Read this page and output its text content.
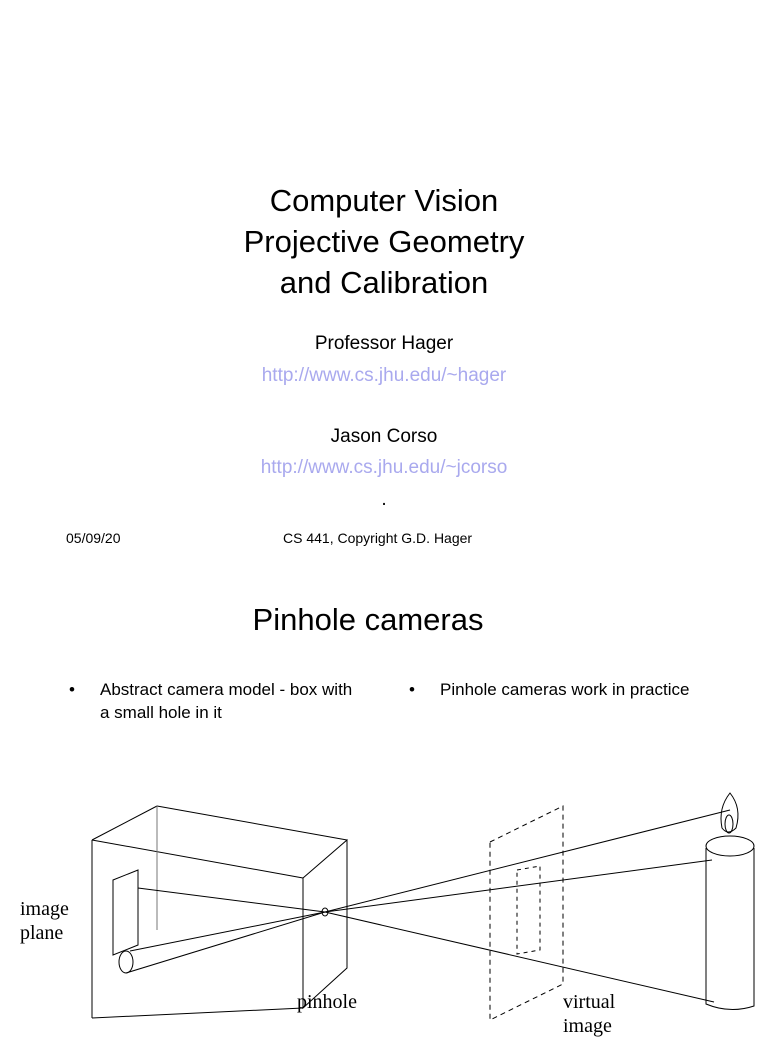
Computer Vision
Projective Geometry
and Calibration
Professor Hager
http://www.cs.jhu.edu/~hager
Jason Corso
http://www.cs.jhu.edu/~jcorso
.
05/09/20	CS 441, Copyright G.D. Hager
Pinhole cameras
• Abstract camera model - box with a small hole in it
• Pinhole cameras work in practice
image
plane
pinhole	virtual
image
